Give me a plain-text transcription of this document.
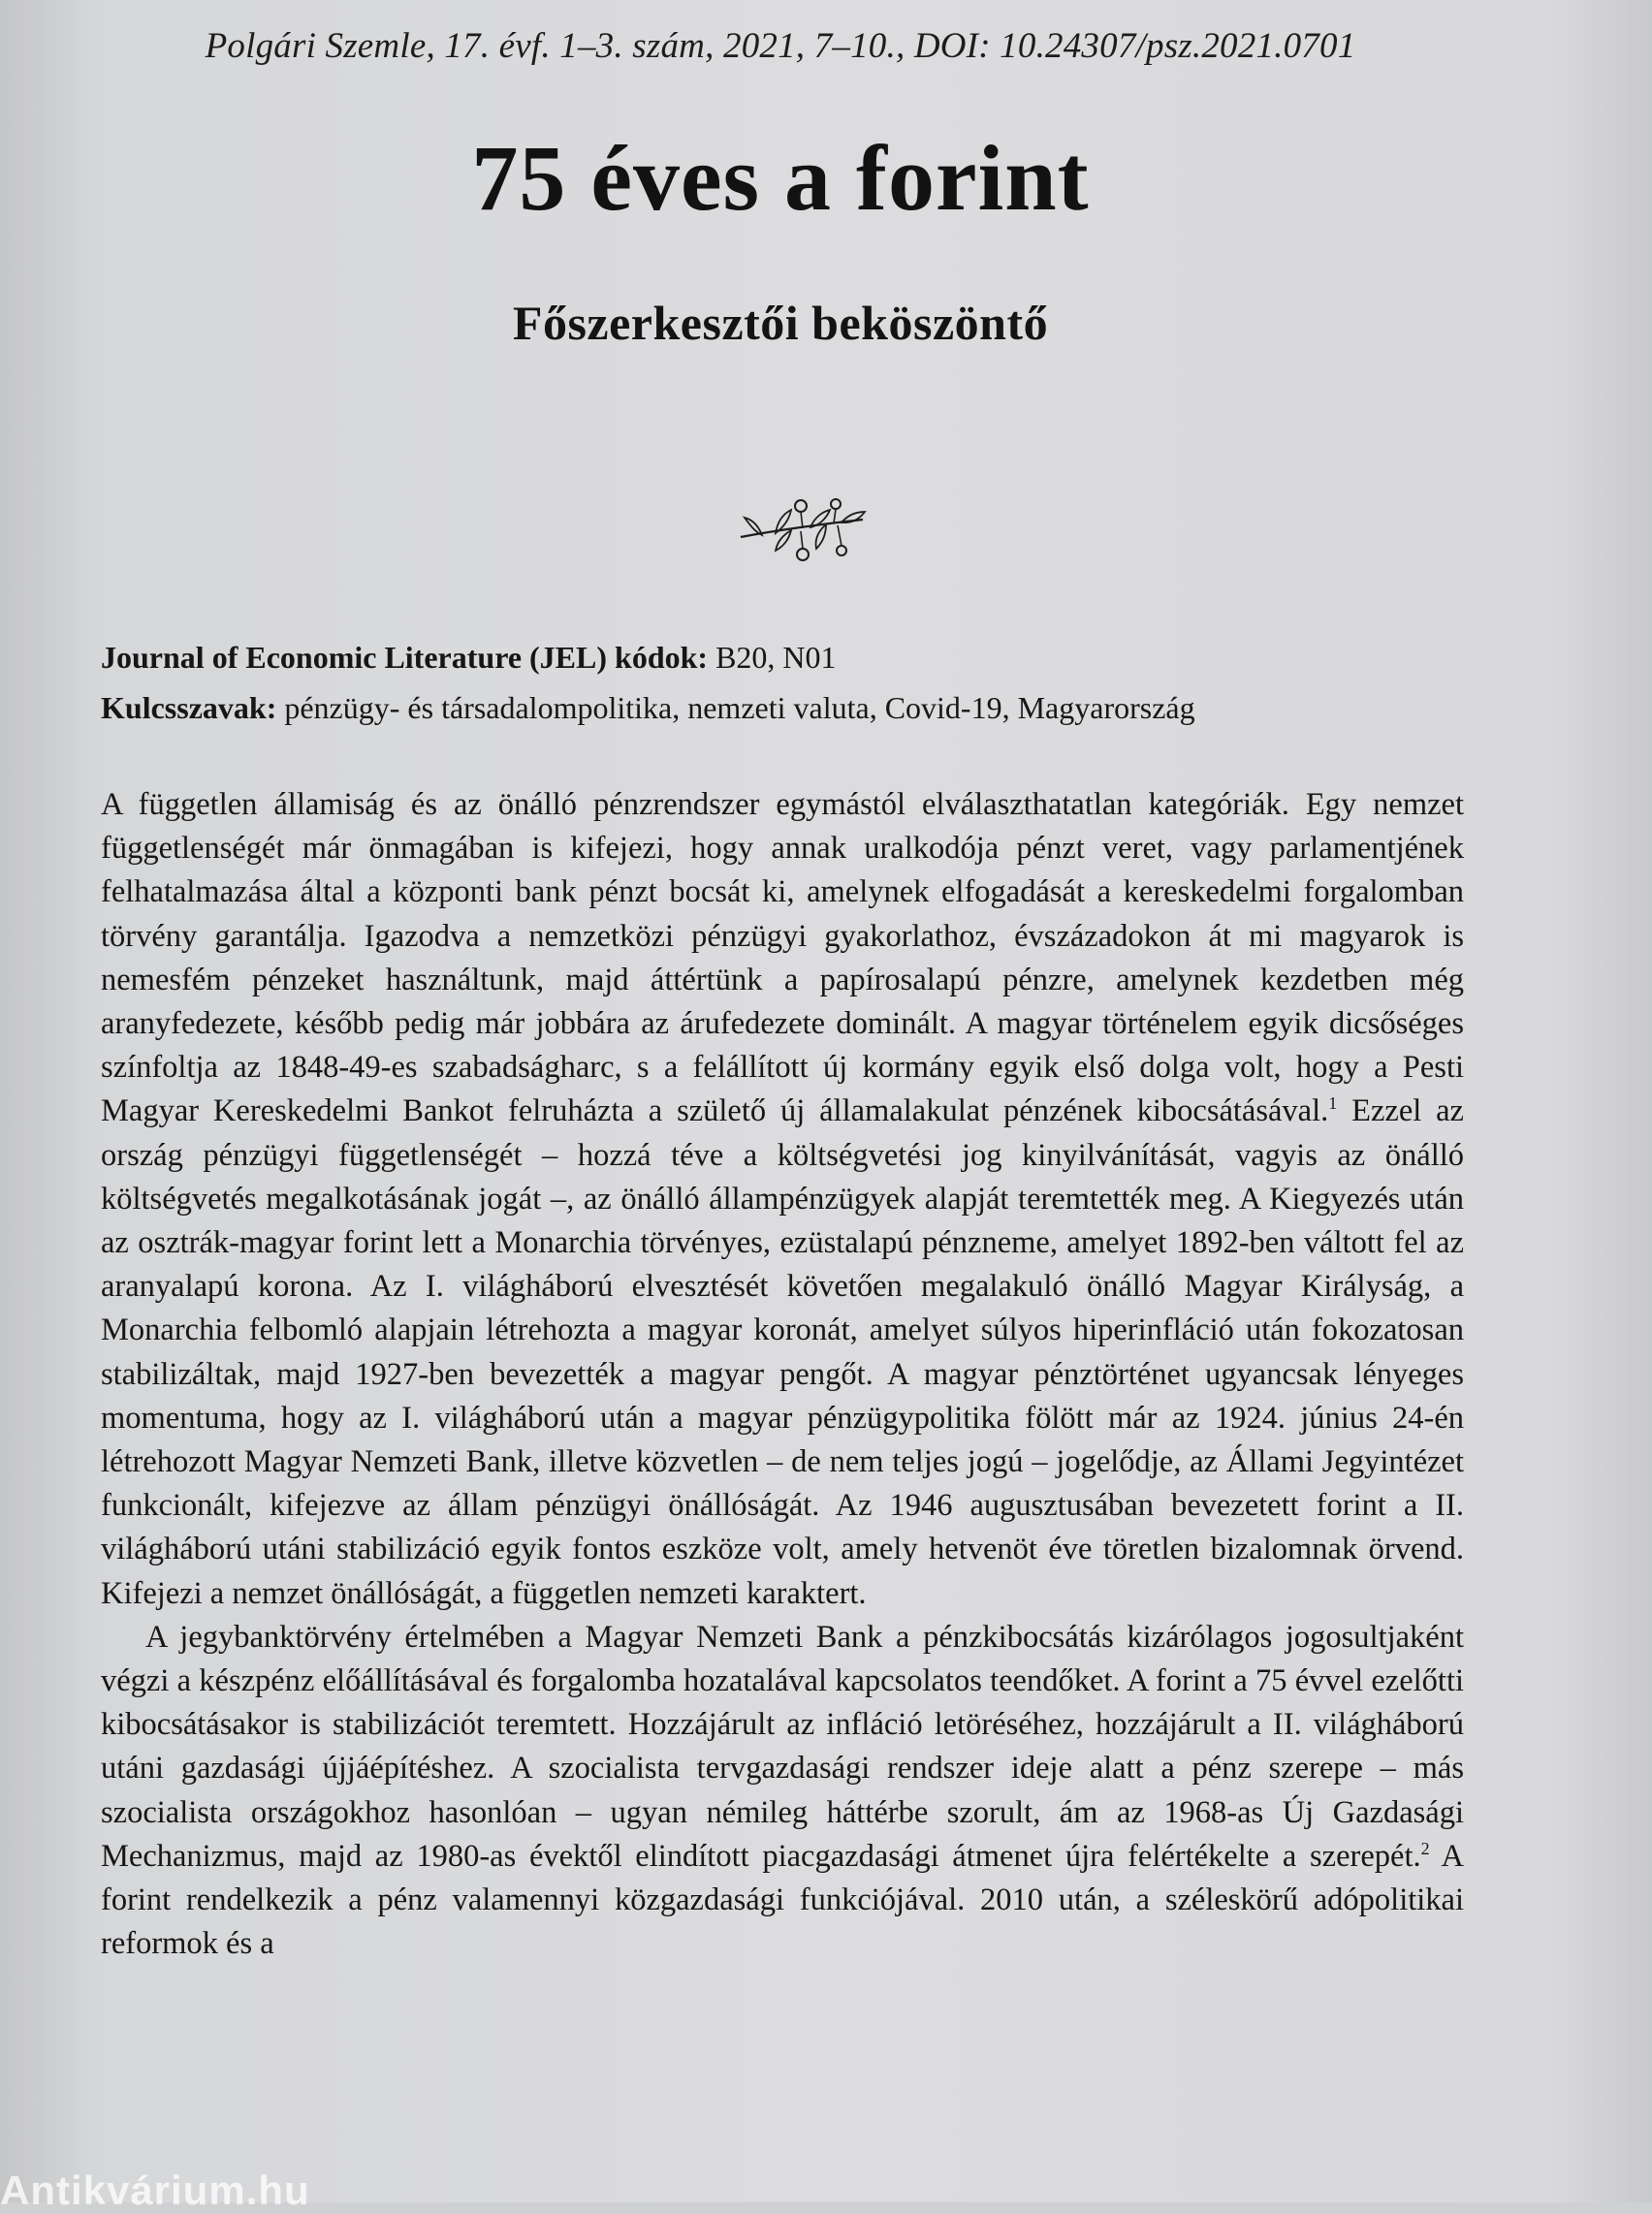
Polgári Szemle, 17. évf. 1–3. szám, 2021, 7–10., DOI: 10.24307/psz.2021.0701
75 éves a forint
Főszerkesztői beköszöntő
Journal of Economic Literature (JEL) kódok: B20, N01
Kulcsszavak: pénzügy- és társadalompolitika, nemzeti valuta, Covid-19, Magyarország

A független államiság és az önálló pénzrendszer egymástól elválaszthatatlan kategóriák. Egy nemzet függetlenségét már önmagában is kifejezi, hogy annak uralkodója pénzt veret, vagy parlamentjének felhatalmazása által a központi bank pénzt bocsát ki, amelynek elfogadását a kereskedelmi forgalomban törvény garantálja. Igazodva a nemzetközi pénzügyi gyakorlathoz, évszázadokon át mi magyarok is nemesfém pénzeket használtunk, majd áttértünk a papírosalapú pénzre, amelynek kezdetben még aranyfedezete, később pedig már jobbára az árufedezete dominált. A magyar történelem egyik dicsőséges színfoltja az 1848-49-es szabadságharc, s a felállított új kormány egyik első dolga volt, hogy a Pesti Magyar Kereskedelmi Bankot felruházta a születő új államalakulat pénzének kibocsátásával.$^1$ Ezzel az ország pénzügyi függetlenségét – hozzá téve a költségvetési jog kinyilvánítását, vagyis az önálló költségvetés megalkotásának jogát –, az önálló állampénzügyek alapját teremtették meg. A Kiegyezés után az osztrák-magyar forint lett a Monarchia törvényes, ezüstalapú pénzneme, amelyet 1892-ben váltott fel az aranyalapú korona. Az I. világháború elvesztését követően megalakuló önálló Magyar Királyság, a Monarchia felbomló alapjain létrehozta a magyar koronát, amelyet súlyos hiperinfláció után fokozatosan stabilizáltak, majd 1927-ben bevezették a magyar pengőt. A magyar pénztörténet ugyancsak lényeges momentuma, hogy az I. világháború után a magyar pénzügypolitika fölött már az 1924. június 24-én létrehozott Magyar Nemzeti Bank, illetve közvetlen – de nem teljes jogú – jogelődje, az Állami Jegyintézet funkcionált, kifejezve az állam pénzügyi önállóságát. Az 1946 augusztusában bevezetett forint a II. világháború utáni stabilizáció egyik fontos eszköze volt, amely hetvenöt éve töretlen bizalomnak örvend. Kifejezi a nemzet önállóságát, a független nemzeti karaktert.

A jegybanktörvény értelmében a Magyar Nemzeti Bank a pénzkibocsátás kizárólagos jogosultjaként végzi a készpénz előállításával és forgalomba hozatalával kapcsolatos teendőket. A forint a 75 évvel ezelőtti kibocsátásakor is stabilizációt teremtett. Hozzájárult az infláció letöréséhez, hozzájárult a II. világháború utáni gazdasági újjáépítéshez. A szocialista tervgazdasági rendszer ideje alatt a pénz szerepe – más szocialista országokhoz hasonlóan – ugyan némileg háttérbe szorult, ám az 1968-as Új Gazdasági Mechanizmus, majd az 1980-as évektől elindított piacgazdasági átmenet újra felértékelte a szerepét.$^2$ A forint rendelkezik a pénz valamennyi közgazdasági funkciójával. 2010 után, a széleskörű adópolitikai reformok és a

Antikvárium.hu
